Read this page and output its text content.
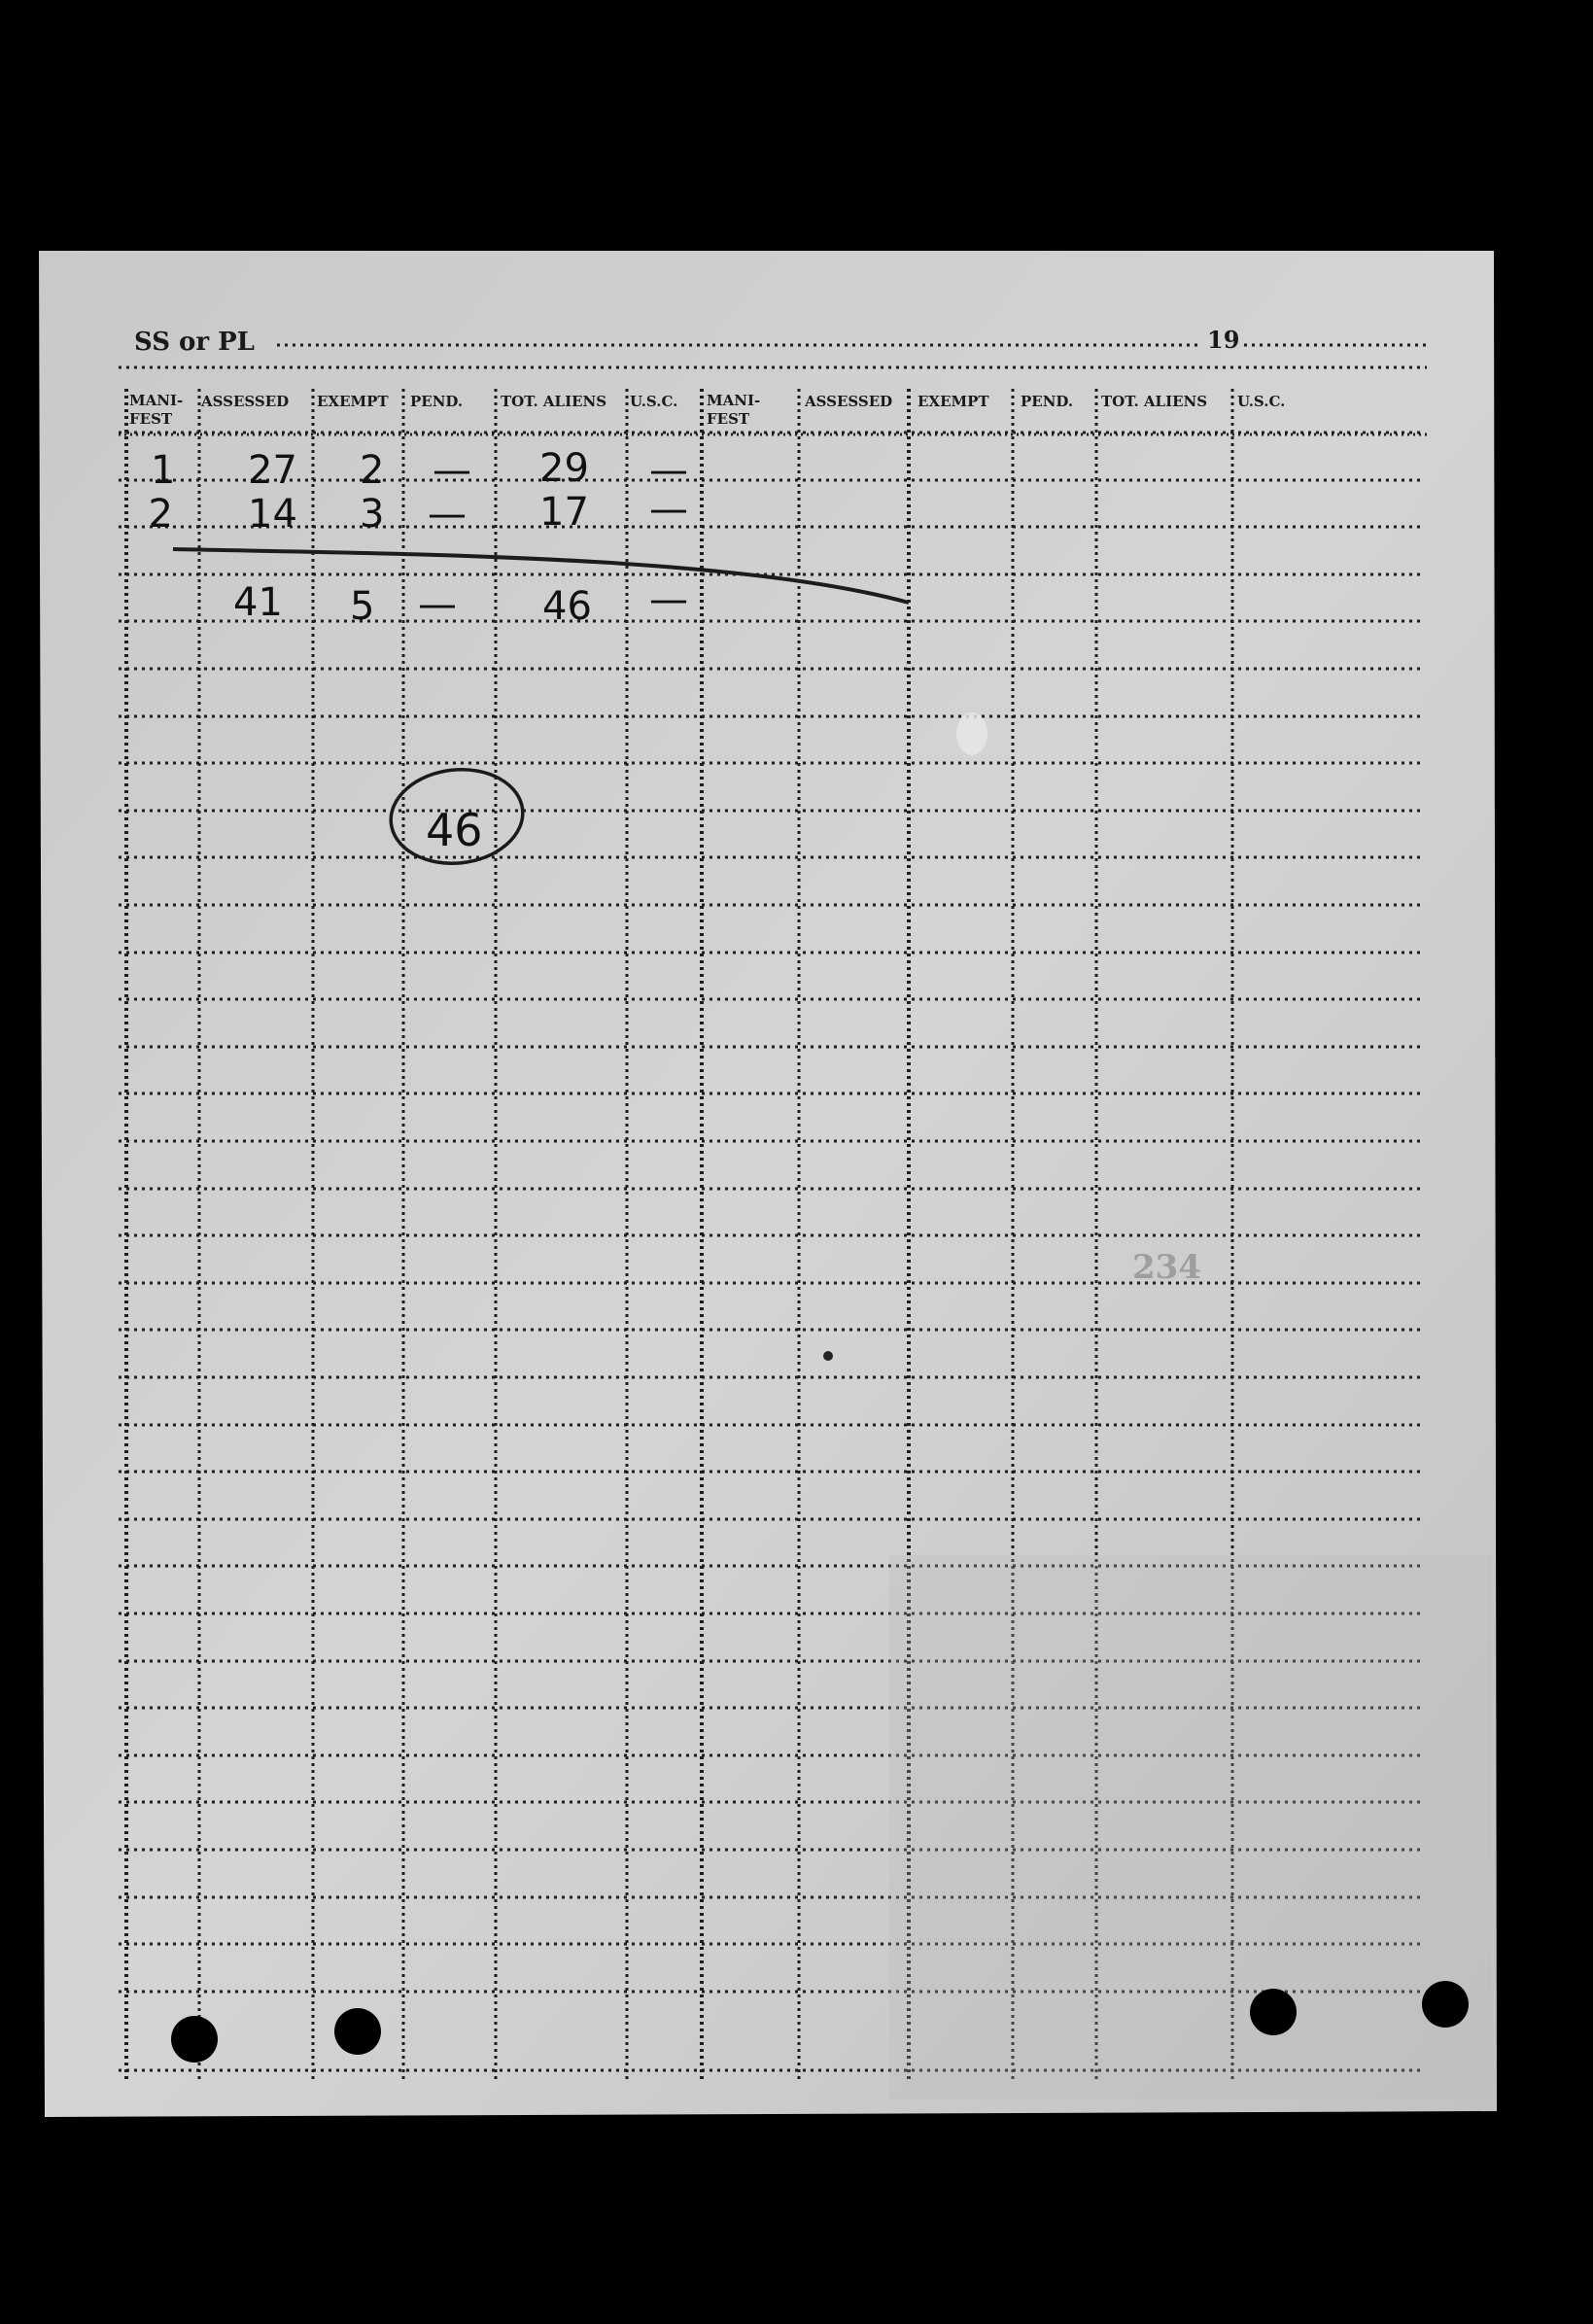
SS or PL	19
MANI-
FEST
ASSESSED EXEMPT PEND.	TOT. ALIENS U.S.C. MANI-
FEST
ASSESSED EXEMPT PEND. TOT. ALIENS U.S.C.
1 27 2 — 29 —
2 14 3 — 17 —
41 5 — 46 —
46
234
